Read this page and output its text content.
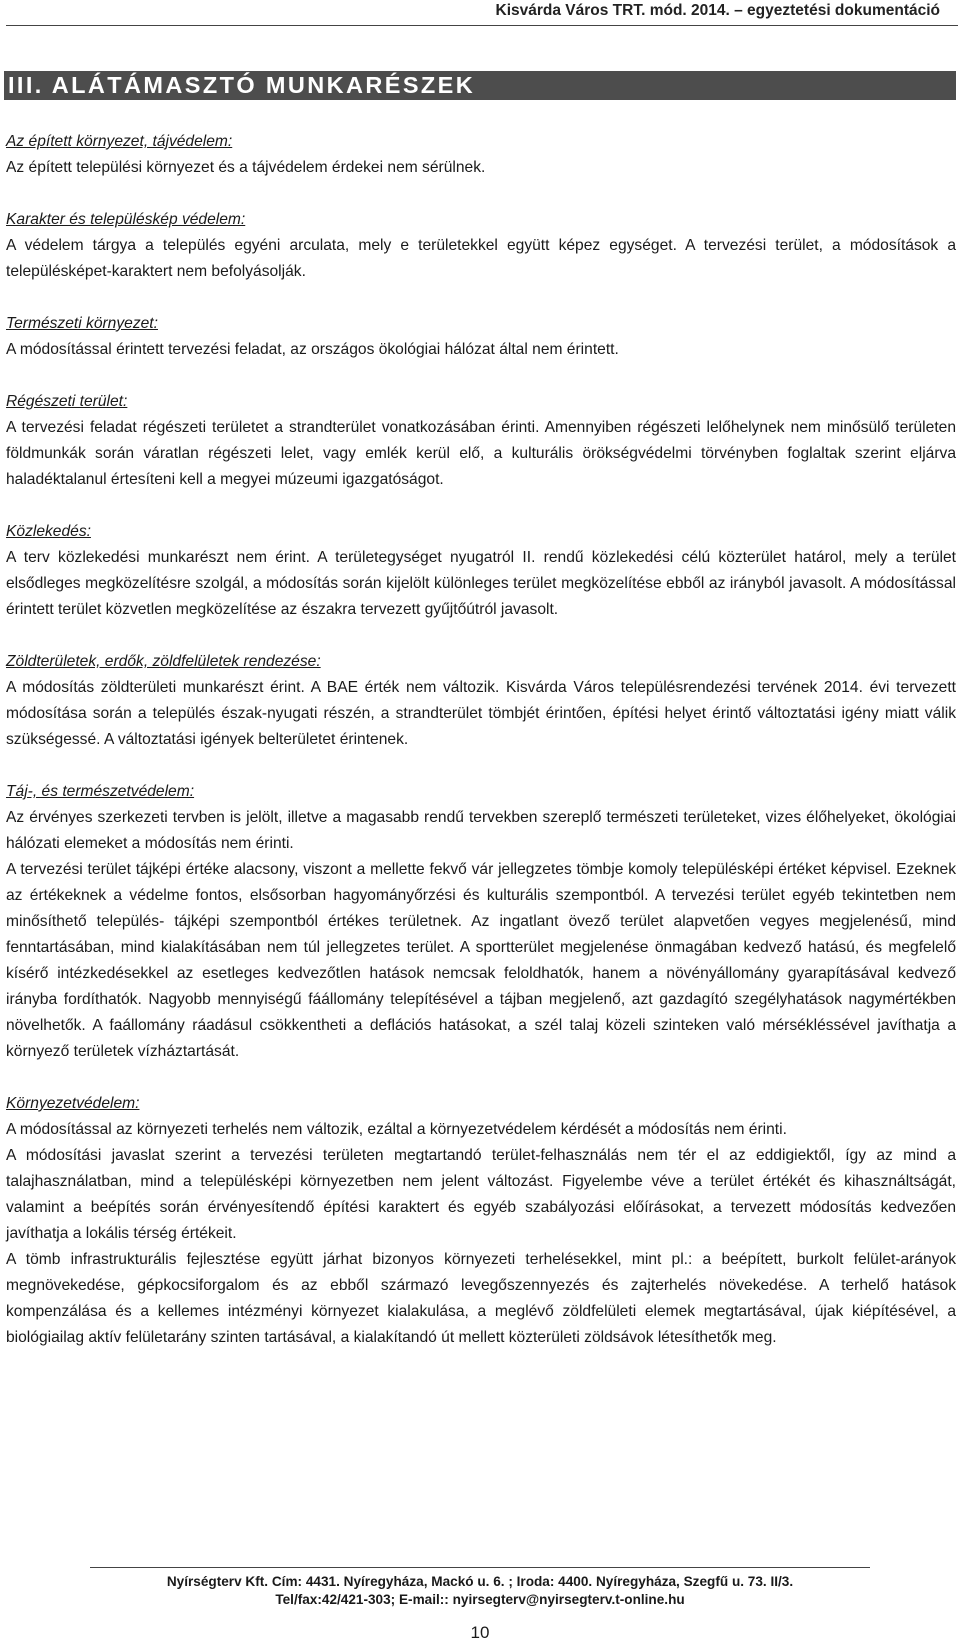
Kisvárda Város TRT. mód. 2014. – egyeztetési dokumentáció
III. ALÁTÁMASZTÓ MUNKARÉSZEK
Az épített környezet, tájvédelem:

Az épített települési környezet és a tájvédelem érdekei nem sérülnek.

Karakter és településkép védelem:

A védelem tárgya a település egyéni arculata, mely e területekkel együtt képez egységet. A tervezési terület, a módosítások a településképet-karaktert nem befolyásolják.

Természeti környezet:

A módosítással érintett tervezési feladat, az országos ökológiai hálózat által nem érintett.

Régészeti terület:

A tervezési feladat régészeti területet a strandterület vonatkozásában érinti. Amennyiben régészeti lelőhelynek nem minősülő területen földmunkák során váratlan régészeti lelet, vagy emlék kerül elő, a kulturális örökségvédelmi törvényben foglaltak szerint eljárva haladéktalanul értesíteni kell a megyei múzeumi igazgatóságot.

Közlekedés:

A terv közlekedési munkarészt nem érint. A területegységet nyugatról II. rendű közlekedési célú közterület határol, mely a terület elsődleges megközelítésre szolgál, a módosítás során kijelölt különleges terület megközelítése ebből az irányból javasolt. A módosítással érintett terület közvetlen megközelítése az északra tervezett gyűjtőútról javasolt.

Zöldterületek, erdők, zöldfelületek rendezése:

A módosítás zöldterületi munkarészt érint. A BAE érték nem változik. Kisvárda Város településrendezési tervének 2014. évi tervezett módosítása során a település észak-nyugati részén, a strandterület tömbjét érintően, építési helyet érintő változtatási igény miatt válik szükségessé. A változtatási igények belterületet érintenek.

Táj-, és természetvédelem:

Az érvényes szerkezeti tervben is jelölt, illetve a magasabb rendű tervekben szereplő természeti területeket, vizes élőhelyeket, ökológiai hálózati elemeket a módosítás nem érinti.

A tervezési terület tájképi értéke alacsony, viszont a mellette fekvő vár jellegzetes tömbje komoly településképi értéket képvisel. Ezeknek az értékeknek a védelme fontos, elsősorban hagyományőrzési és kulturális szempontból. A tervezési terület egyéb tekintetben nem minősíthető település- tájképi szempontból értékes területnek. Az ingatlant övező terület alapvetően vegyes megjelenésű, mind fenntartásában, mind kialakításában nem túl jellegzetes terület. A sportterület megjelenése önmagában kedvező hatású, és megfelelő kísérő intézkedésekkel az esetleges kedvezőtlen hatások nemcsak feloldhatók, hanem a növényállomány gyarapításával kedvező irányba fordíthatók. Nagyobb mennyiségű fáállomány telepítésével a tájban megjelenő, azt gazdagító szegélyhatások nagymértékben növelhetők. A faállomány ráadásul csökkentheti a deflációs hatásokat, a szél talaj közeli szinteken való mérsékléssével javíthatja a környező területek vízháztartását.

Környezetvédelem:

A módosítással az környezeti terhelés nem változik, ezáltal a környezetvédelem kérdését a módosítás nem érinti.

A módosítási javaslat szerint a tervezési területen megtartandó terület-felhasználás nem tér el az eddigiektől, így az mind a talajhasználatban, mind a településképi környezetben nem jelent változást. Figyelembe véve a terület értékét és kihasználtságát, valamint a beépítés során érvényesítendő építési karaktert és egyéb szabályozási előírásokat, a tervezett módosítás kedvezően javíthatja a lokális térség értékeit.

A tömb infrastrukturális fejlesztése együtt járhat bizonyos környezeti terhelésekkel, mint pl.: a beépített, burkolt felület-arányok megnövekedése, gépkocsiforgalom és az ebből származó levegőszennyezés és zajterhelés növekedése. A terhelő hatások kompenzálása és a kellemes intézményi környezet kialakulása, a meglévő zöldfelületi elemek megtartásával, újak kiépítésével, a biológiailag aktív felületarány szinten tartásával, a kialakítandó út mellett közterületi zöldsávok létesíthetők meg.

Nyírségterv Kft. Cím: 4431. Nyíregyháza, Mackó u. 6. ; Iroda: 4400. Nyíregyháza, Szegfű u. 73. II/3.
Tel/fax:42/421-303; E-mail:: nyirsegterv@nyirsegterv.t-online.hu
10
